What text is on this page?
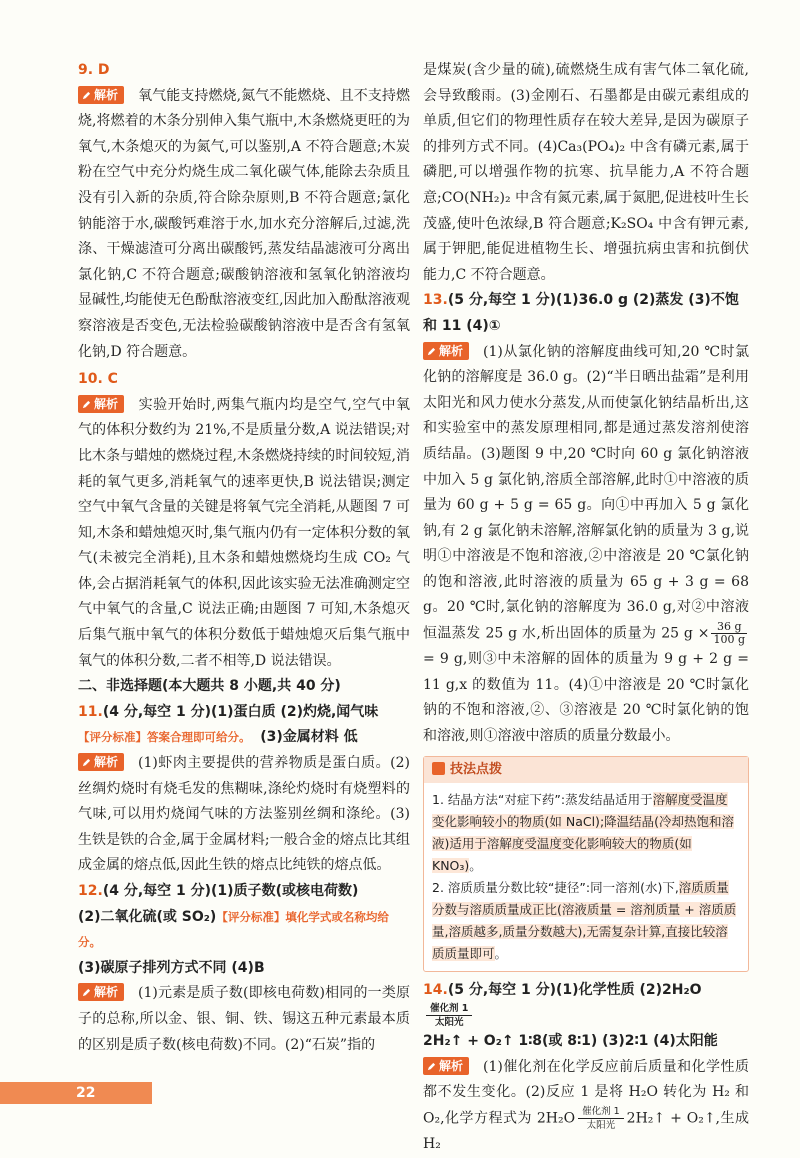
9. D

解析 氧气能支持燃烧,氮气不能燃烧、且不支持燃烧,将燃着的木条分别伸入集气瓶中,木条燃烧更旺的为氧气,木条熄灭的为氮气,可以鉴别,A 不符合题意;木炭粉在空气中充分灼烧生成二氧化碳气体,能除去杂质且没有引入新的杂质,符合除杂原则,B 不符合题意;氯化钠能溶于水,碳酸钙难溶于水,加水充分溶解后,过滤,洗涤、干燥滤渣可分离出碳酸钙,蒸发结晶滤液可分离出氯化钠,C 不符合题意;碳酸钠溶液和氢氧化钠溶液均显碱性,均能使无色酚酞溶液变红,因此加入酚酞溶液观察溶液是否变色,无法检验碳酸钠溶液中是否含有氢氧化钠,D 符合题意。

10. C

解析 实验开始时,两集气瓶内均是空气,空气中氧气的体积分数约为 21%,不是质量分数,A 说法错误;对比木条与蜡烛的燃烧过程,木条燃烧持续的时间较短,消耗的氧气更多,消耗氧气的速率更快,B 说法错误;测定空气中氧气含量的关键是将氧气完全消耗,从题图 7 可知,木条和蜡烛熄灭时,集气瓶内仍有一定体积分数的氧气(未被完全消耗),且木条和蜡烛燃烧均生成 CO₂ 气体,会占据消耗氧气的体积,因此该实验无法准确测定空气中氧气的含量,C 说法正确;由题图 7 可知,木条熄灭后集气瓶中氧气的体积分数低于蜡烛熄灭后集气瓶中氧气的体积分数,二者不相等,D 说法错误。

二、非选择题(本大题共 8 小题,共 40 分)

11.(4 分,每空 1 分)(1)蛋白质 (2)灼烧,闻气味

【评分标准】答案合理即可给分。 (3)金属材料 低

解析 (1)虾肉主要提供的营养物质是蛋白质。(2)丝绸灼烧时有烧毛发的焦糊味,涤纶灼烧时有烧塑料的气味,可以用灼烧闻气味的方法鉴别丝绸和涤纶。(3)生铁是铁的合金,属于金属材料;一般合金的熔点比其组成金属的熔点低,因此生铁的熔点比纯铁的熔点低。

12.(4 分,每空 1 分)(1)质子数(或核电荷数)

(2)二氧化硫(或 SO₂)【评分标准】填化学式或名称均给分。

(3)碳原子排列方式不同 (4)B

解析 (1)元素是质子数(即核电荷数)相同的一类原子的总称,所以金、银、铜、铁、锡这五种元素最本质的区别是质子数(核电荷数)不同。(2)“石炭”指的

是煤炭(含少量的硫),硫燃烧生成有害气体二氧化硫,会导致酸雨。(3)金刚石、石墨都是由碳元素组成的单质,但它们的物理性质存在较大差异,是因为碳原子的排列方式不同。(4)Ca₃(PO₄)₂ 中含有磷元素,属于磷肥,可以增强作物的抗寒、抗旱能力,A 不符合题意;CO(NH₂)₂ 中含有氮元素,属于氮肥,促进枝叶生长茂盛,使叶色浓绿,B 符合题意;K₂SO₄ 中含有钾元素,属于钾肥,能促进植物生长、增强抗病虫害和抗倒伏能力,C 不符合题意。

13.(5 分,每空 1 分)(1)36.0 g (2)蒸发 (3)不饱和 11 (4)①

解析 (1)从氯化钠的溶解度曲线可知,20 ℃时氯化钠的溶解度是 36.0 g。(2)“半日晒出盐霜”是利用太阳光和风力使水分蒸发,从而使氯化钠结晶析出,这和实验室中的蒸发原理相同,都是通过蒸发溶剂使溶质结晶。(3)题图 9 中,20 ℃时向 60 g 氯化钠溶液中加入 5 g 氯化钠,溶质全部溶解,此时①中溶液的质量为 60 g + 5 g = 65 g。向①中再加入 5 g 氯化钠,有 2 g 氯化钠未溶解,溶解氯化钠的质量为 3 g,说明①中溶液是不饱和溶液,②中溶液是 20 ℃氯化钠的饱和溶液,此时溶液的质量为 65 g + 3 g = 68 g。20 ℃时,氯化钠的溶解度为 36.0 g,对②中溶液恒温蒸发 25 g 水,析出固体的质量为 25 $g \times \frac{36 g}{100 g}$
= 9 g,则③中未溶解的固体的质量为 9 g + 2 g = 11 g,x 的数值为 11。(4)①中溶液是 20 ℃时氯化钠的不饱和溶液,②、③溶液是 20 ℃时氯化钠的饱和溶液,则①溶液中溶质的质量分数最小。

技法点拨

1. 结晶方法“对症下药”:蒸发结晶适用于溶解度受温度变化影响较小的物质(如 NaCl);降温结晶(冷却热饱和溶液)适用于溶解度受温度变化影响较大的物质(如 KNO₃)。

2. 溶质质量分数比较“捷径”:同一溶剂(水)下,溶质质量分数与溶质质量成正比(溶液质量 = 溶剂质量 + 溶质质量,溶质越多,质量分数越大),无需复杂计算,直接比较溶质质量即可。

14.(5 分,每空 1 分)(1)化学性质 (2)2H₂O
催化剂 1
太阳光

2H₂↑ + O₂↑ 1∶8(或 8∶1) (3)2∶1 (4)太阳能

解析 (1)催化剂在化学反应前后质量和化学性质都不发生变化。(2)反应 1 是将 H₂O 转化为 H₂ 和 O₂,化学方程式为 2H₂O 催化剂 1
太阳光 2H₂↑ + O₂↑,生成 H₂

22
